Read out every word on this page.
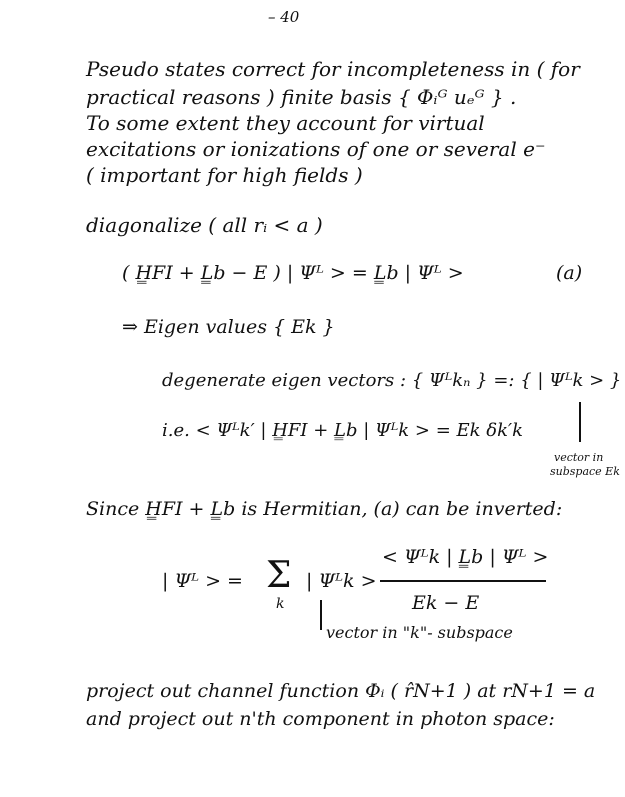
– 40
Pseudo states correct for incompleteness in ( for
practical reasons ) finite basis { Φᵢᴳ uₑᴳ } .
To some extent they account for virtual
excitations or ionizations of one or several e⁻
( important for high fields )
diagonalize ( all rᵢ < a )
( H̳FI + L̳b − E ) | Ψᴸ > = L̳b | Ψᴸ >	(a)
⇒ Eigen values { E𝑘 }
degenerate eigen vectors : { Ψᴸ𝑘ₙ } =: { | Ψᴸ𝑘 > }
i.e. < Ψᴸ𝑘′ | H̳FI + L̳b | Ψᴸ𝑘 > = E𝑘 δ𝑘′𝑘
vector in
subspace E𝑘
Since H̳FI + L̳b is Hermitian, (a) can be inverted:
| Ψᴸ > = Σ
𝑘
| Ψᴸ𝑘 >
< Ψᴸ𝑘 | L̳b | Ψᴸ >
E𝑘 − E
vector in "𝑘"- subspace
project out channel function Φᵢ ( r̂N+1 ) at rN+1 = a
and project out n'th component in photon space:
